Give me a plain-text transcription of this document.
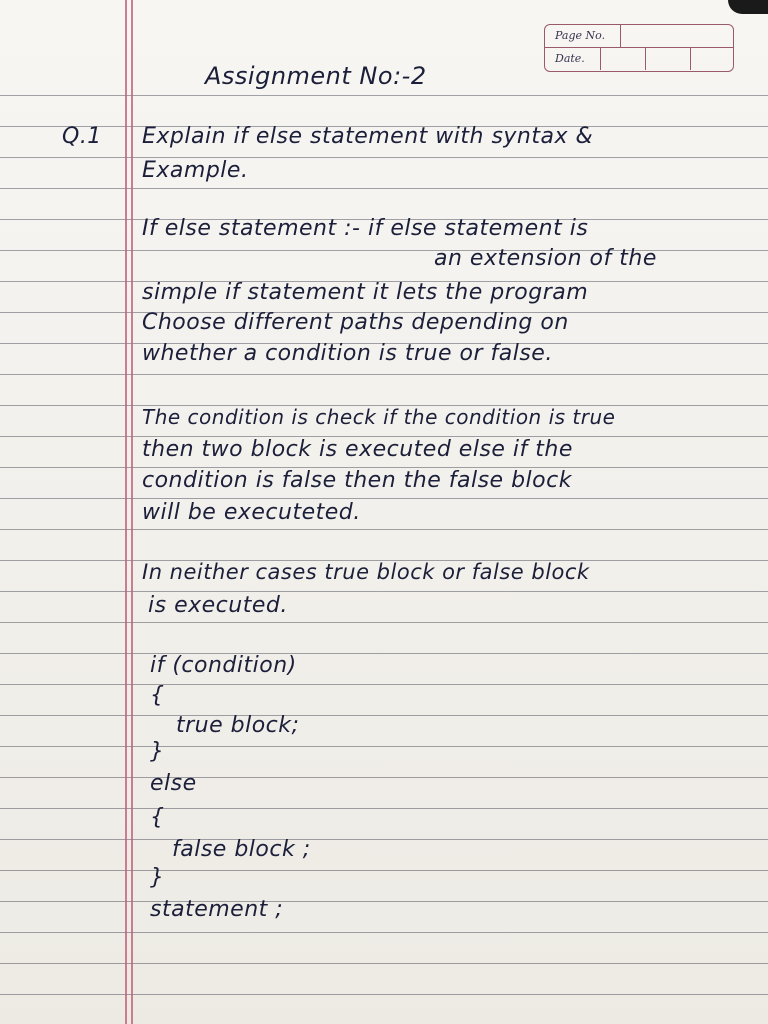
Page No.
Date.
Assignment No:-2
Q.1 Explain if else statement with syntax &
Example.
If else statement :- if else statement is
an extension of the
simple if statement it lets the program
Choose different paths depending on
whether a condition is true or false.
The condition is check if the condition is true
then two block is executed else if the
condition is false then the false block
will be executeted.
In neither cases true block or false block
is executed.
if (condition)
{
true block;
}
else
{
false block ;
}
statement ;
